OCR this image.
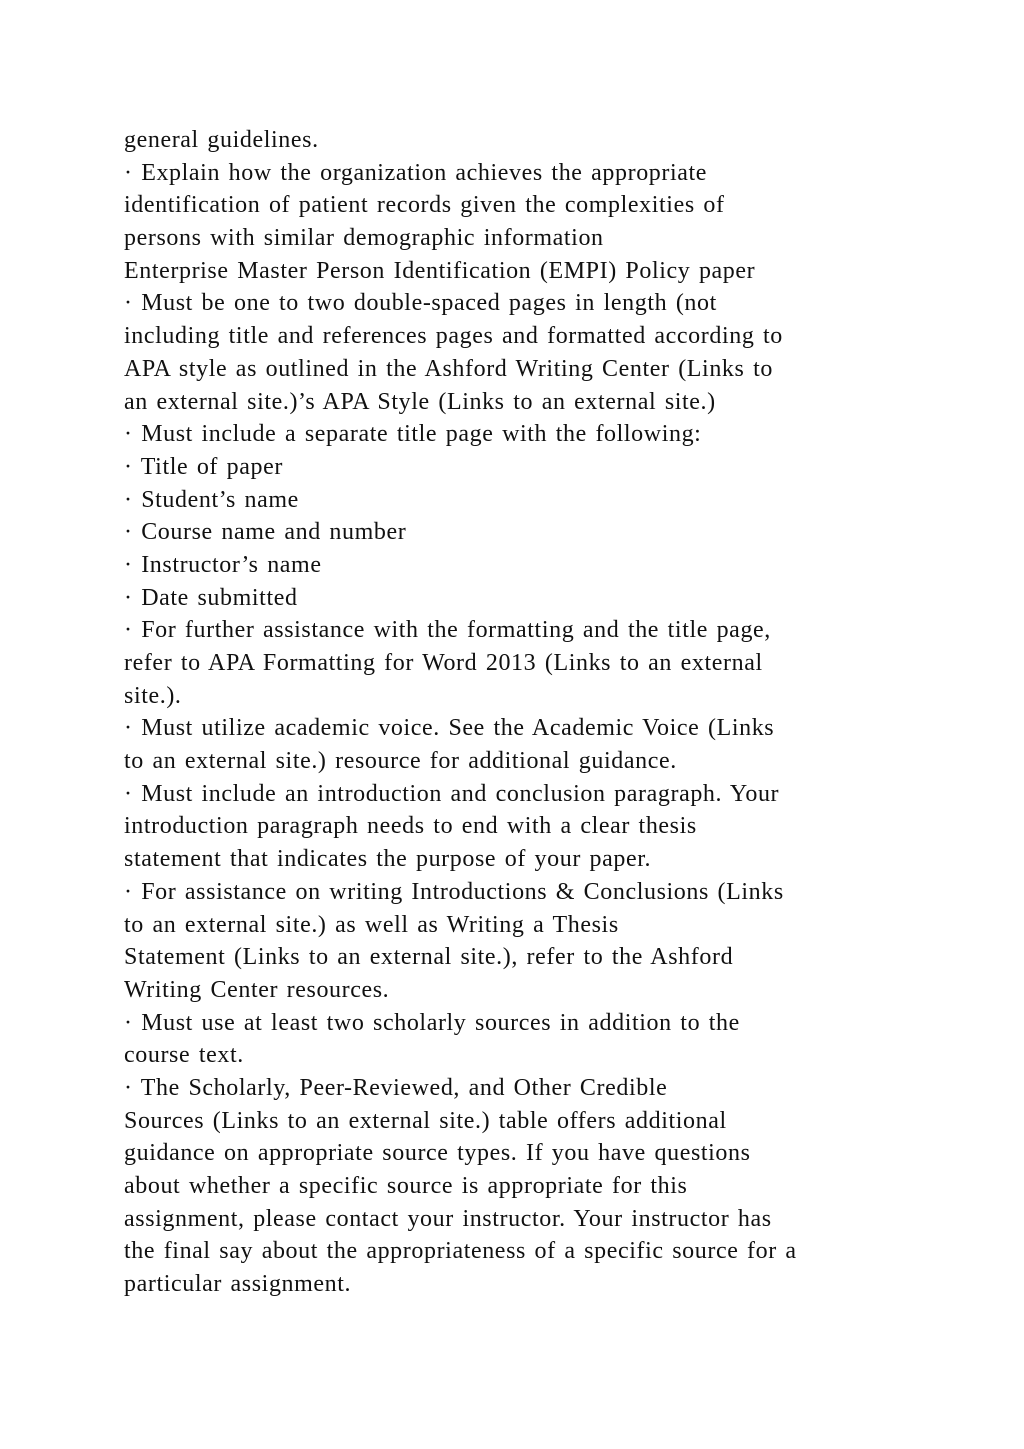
general guidelines.
· Explain how the organization achieves the appropriate
identification of patient records given the complexities of
persons with similar demographic information
Enterprise Master Person Identification (EMPI) Policy paper
· Must be one to two double-spaced pages in length (not
including title and references pages and formatted according to
APA style as outlined in the Ashford Writing Center (Links to
an external site.)’s APA Style (Links to an external site.)
· Must include a separate title page with the following:
· Title of paper
· Student’s name
· Course name and number
· Instructor’s name
· Date submitted
· For further assistance with the formatting and the title page,
refer to APA Formatting for Word 2013 (Links to an external
site.).
· Must utilize academic voice. See the Academic Voice (Links
to an external site.) resource for additional guidance.
· Must include an introduction and conclusion paragraph. Your
introduction paragraph needs to end with a clear thesis
statement that indicates the purpose of your paper.
· For assistance on writing Introductions & Conclusions (Links
to an external site.) as well as Writing a Thesis
Statement (Links to an external site.), refer to the Ashford
Writing Center resources.
· Must use at least two scholarly sources in addition to the
course text.
· The Scholarly, Peer-Reviewed, and Other Credible
Sources (Links to an external site.) table offers additional
guidance on appropriate source types. If you have questions
about whether a specific source is appropriate for this
assignment, please contact your instructor. Your instructor has
the final say about the appropriateness of a specific source for a
particular assignment.
